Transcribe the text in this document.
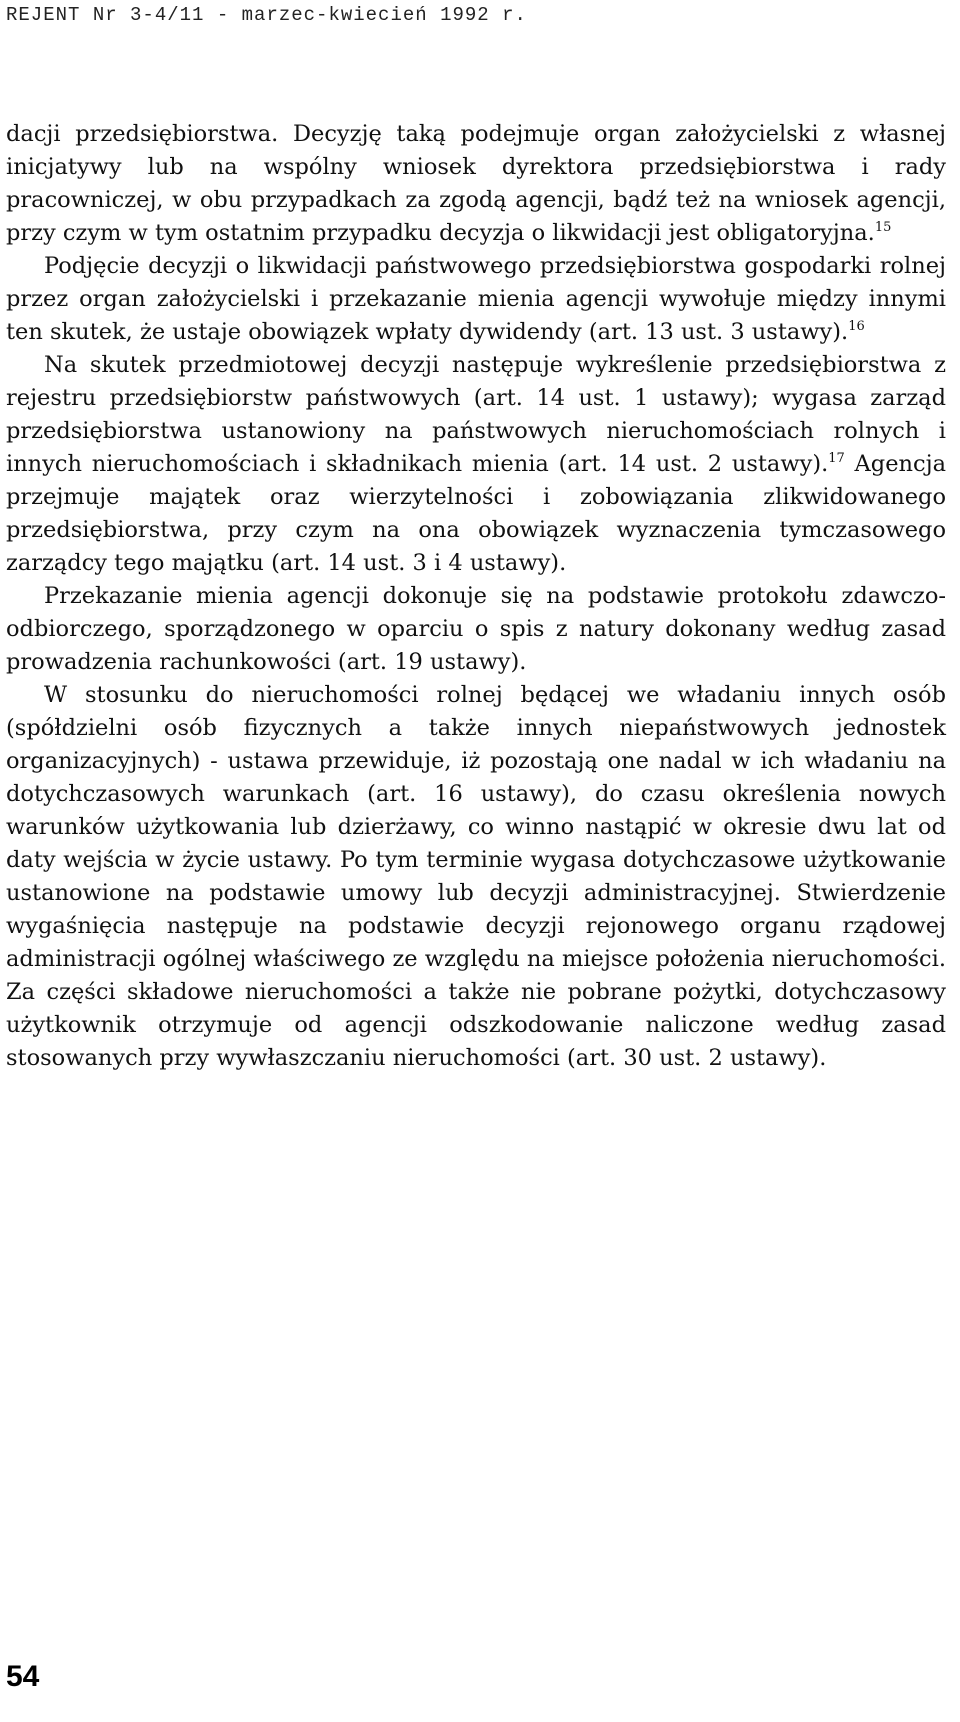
REJENT Nr 3-4/11 - marzec-kwiecień 1992 r.

dacji przedsiębiorstwa. Decyzję taką podejmuje organ założycielski z własnej inicjatywy lub na wspólny wniosek dyrektora przedsiębiorstwa i rady pracowniczej, w obu przypadkach za zgodą agencji, bądź też na wniosek agencji, przy czym w tym ostatnim przypadku decyzja o likwidacji jest obligatoryjna.$^{15}$

Podjęcie decyzji o likwidacji państwowego przedsiębiorstwa gospodarki rolnej przez organ założycielski i przekazanie mienia agencji wywołuje między innymi ten skutek, że ustaje obowiązek wpłaty dywidendy (art. 13 ust. 3 ustawy).$^{16}$

Na skutek przedmiotowej decyzji następuje wykreślenie przedsiębiorstwa z rejestru przedsiębiorstw państwowych (art. 14 ust. 1 ustawy); wygasa zarząd przedsiębiorstwa ustanowiony na państwowych nieruchomościach rolnych i innych nieruchomościach i składnikach mienia (art. 14 ust. 2 ustawy).$^{17}$ Agencja przejmuje majątek oraz wierzytelności i zobowiązania zlikwidowanego przedsiębiorstwa, przy czym na ona obowiązek wyznaczenia tymczasowego zarządcy tego majątku (art. 14 ust. 3 i 4 ustawy).

Przekazanie mienia agencji dokonuje się na podstawie protokołu zdawczo-odbiorczego, sporządzonego w oparciu o spis z natury dokonany według zasad prowadzenia rachunkowości (art. 19 ustawy).

W stosunku do nieruchomości rolnej będącej we władaniu innych osób (spółdzielni osób fizycznych a także innych niepaństwowych jednostek organizacyjnych) - ustawa przewiduje, iż pozostają one nadal w ich władaniu na dotychczasowych warunkach (art. 16 ustawy), do czasu określenia nowych warunków użytkowania lub dzierżawy, co winno nastąpić w okresie dwu lat od daty wejścia w życie ustawy. Po tym terminie wygasa dotychczasowe użytkowanie ustanowione na podstawie umowy lub decyzji administracyjnej. Stwierdzenie wygaśnięcia następuje na podstawie decyzji rejonowego organu rządowej administracji ogólnej właściwego ze względu na miejsce położenia nieruchomości. Za części składowe nieruchomości a także nie pobrane pożytki, dotychczasowy użytkownik otrzymuje od agencji odszkodowanie naliczone według zasad stosowanych przy wywłaszczaniu nieruchomości (art. 30 ust. 2 ustawy).

54
